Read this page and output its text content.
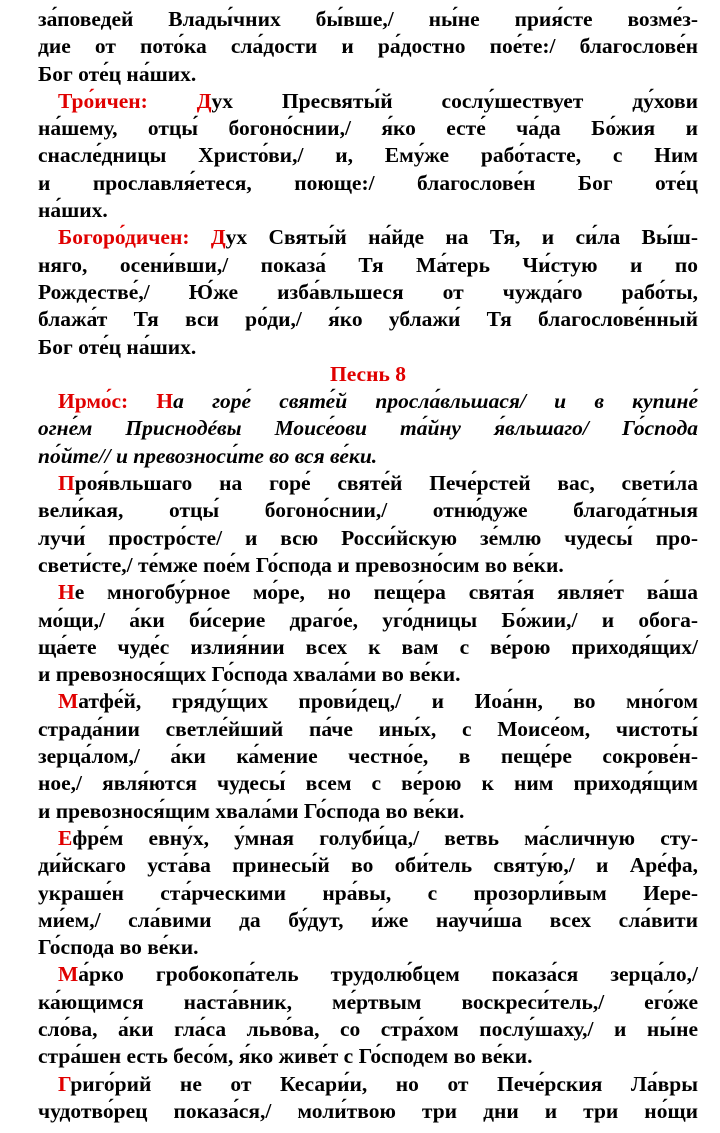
за́поведей Влады́чних бы́вше,/ ны́не прия́сте возме́з-
дие от пото́ка сла́дости и ра́достно пое́те:/ благослове́н
Бог оте́ц на́ших.
Тро́ичен: Дух Пресвяты́й сослу́шествует ду́хови
на́шему, отцы́ богоно́снии,/ я́ко есте́ ча́да Бо́жия и
снасле́дницы Христо́ви,/ и, Ему́же рабо́тасте, с Ним
и прославля́етеся, поюще:/ благослове́н Бог оте́ц
на́ших.
Богоро́дичен: Дух Святы́й на́йде на Тя, и си́ла Вы́ш-
няго, осени́вши,/ показа́ Тя Ма́терь Чи́стую и по
Рождестве́,/ Ю́же изба́вльшеся от чужда́го рабо́ты,
блажа́т Тя вси ро́ди,/ я́ко ублажи́ Тя благослове́нный
Бог оте́ц на́ших.
Песнь 8
Ирмо́с: На горе́ святе́й просла́вльшася/ и в купине́
огне́м Приснодéвы Моисе́ови та́йну я́вльшаго/ Го́спода
по́йте// и превозноси́те во вся ве́ки.
Проя́вльшаго на горе́ святе́й Пече́рстей вас, свети́ла
вели́кая, отцы́ богоно́снии,/ отню́дуже благода́тныя
лучи́ простро́сте/ и всю Росси́йскую зе́млю чудесы́ про-
свети́сте,/ те́мже пое́м Го́спода и превозно́сим во ве́ки.
Не многобу́рное мо́ре, но пеще́ра свята́я являе́т ва́ша
мо́щи,/ а́ки би́серие драго́е, уго́дницы Бо́жии,/ и обога-
ща́ете чуде́с излия́нии всех к вам с ве́рою приходя́щих/
и превознося́щих Го́спода хвала́ми во ве́ки.
Матфе́й, гряду́щих прови́дец,/ и Иоа́нн, во мно́гом
страда́нии светле́йший па́че ины́х, с Моисе́ом, чистоты́
зерца́лом,/ а́ки ка́мение честно́е, в пеще́ре сокрове́н-
ное,/ явля́ются чудесы́ всем с ве́рою к ним приходя́щим
и превознося́щим хвала́ми Го́спода во ве́ки.
Ефре́м евну́х, у́мная голуби́ца,/ ветвь ма́сличную сту-
ди́йскаго уста́ва принесы́й во оби́тель святу́ю,/ и Аре́фа,
украше́н ста́рческими нра́вы, с прозорли́вым Иере-
ми́ем,/ сла́вими да бу́дут, и́же научи́ша всех сла́вити
Го́спода во ве́ки.
Ма́рко гробокопа́тель трудолю́бцем показа́ся зерца́ло,/
ка́ющимся наста́вник, ме́ртвым воскреси́тель,/ его́же
сло́ва, а́ки гла́са льво́ва, со стра́хом послу́шаху,/ и ны́не
стра́шен есть бесо́м, я́ко живе́т с Го́сподем во ве́ки.
Григо́рий не от Кесари́и, но от Пече́рския Ла́вры
чудотво́рец показа́ся,/ моли́твою три дни и три но́щи
